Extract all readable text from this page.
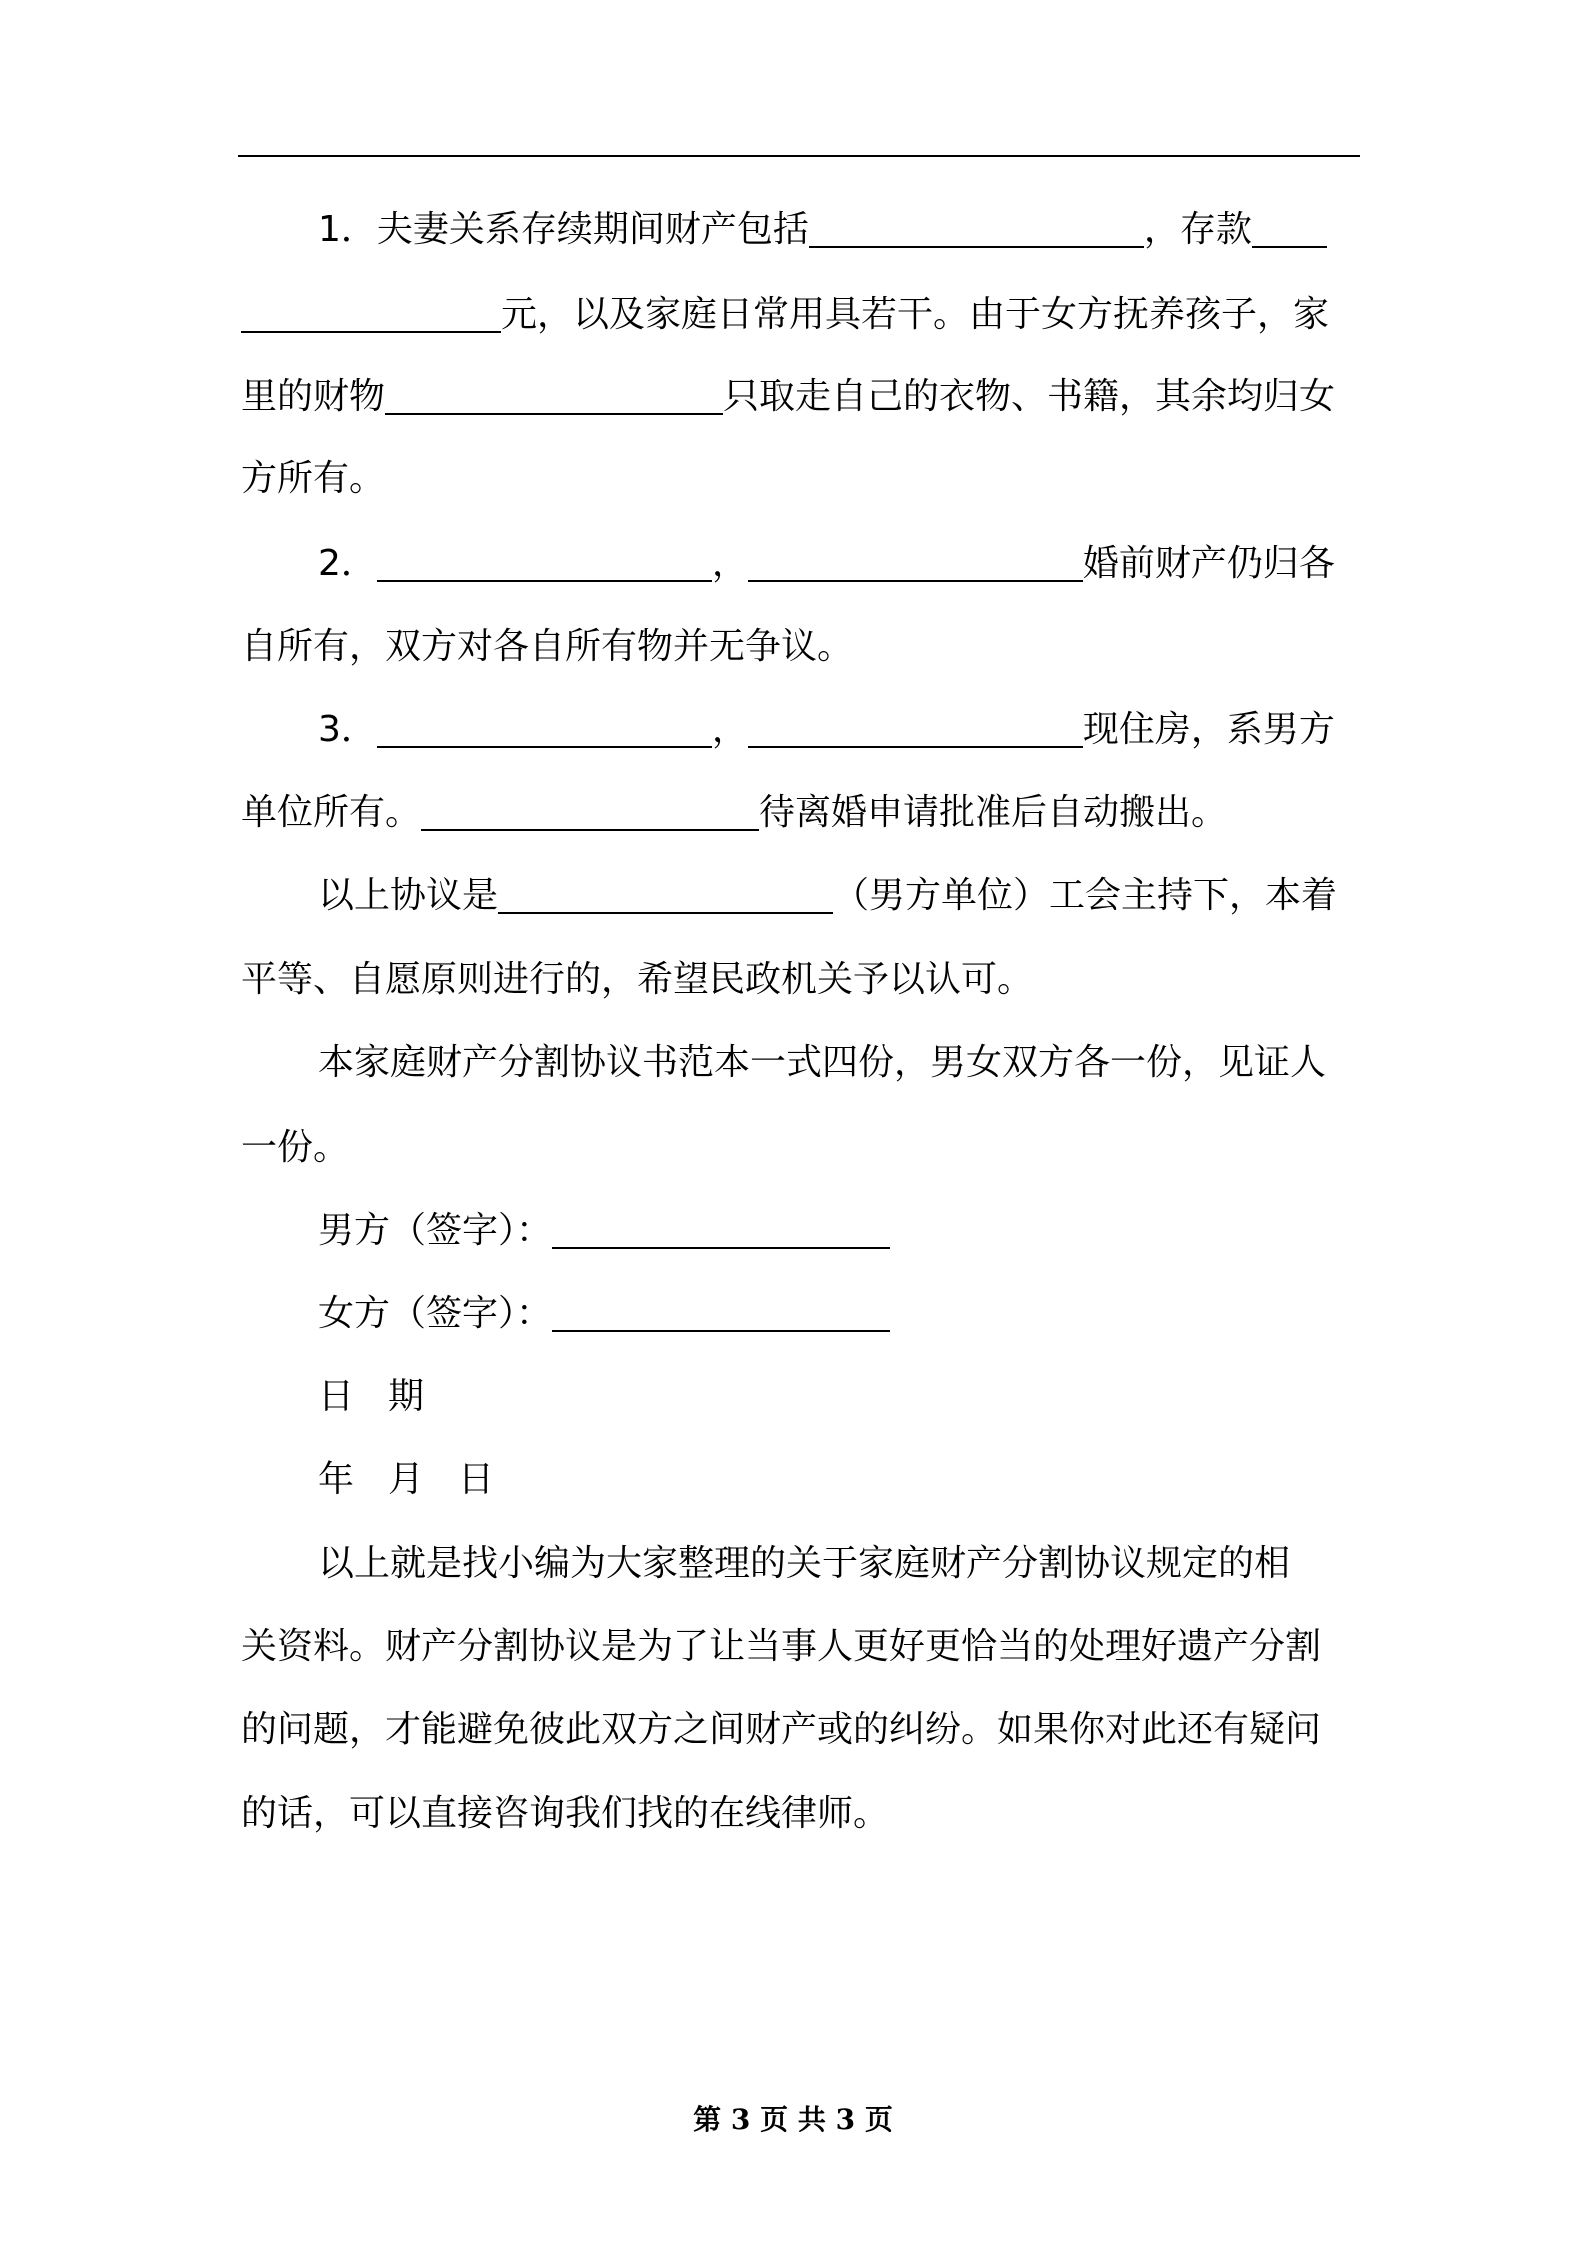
1．夫妻关系存续期间财产包括	，存款
元，以及家庭日常用具若干。由于女方抚养孩子，家
里的财物	只取走自己的衣物、书籍，其余均归女
方所有。
2．	，	婚前财产仍归各
自所有，双方对各自所有物并无争议。
3．	，	现住房，系男方
单位所有。	待离婚申请批准后自动搬出。
以上协议是	（男方单位）工会主持下，本着
平等、自愿原则进行的，希望民政机关予以认可。
本家庭财产分割协议书范本一式四份，男女双方各一份，见证人
一份。
男方（签字）：
女方（签字）：
日 期
年 月 日
以上就是找小编为大家整理的关于家庭财产分割协议规定的相
关资料。财产分割协议是为了让当事人更好更恰当的处理好遗产分割
的问题，才能避免彼此双方之间财产或的纠纷。如果你对此还有疑问
的话，可以直接咨询我们找的在线律师。
第 3 页 共 3 页
